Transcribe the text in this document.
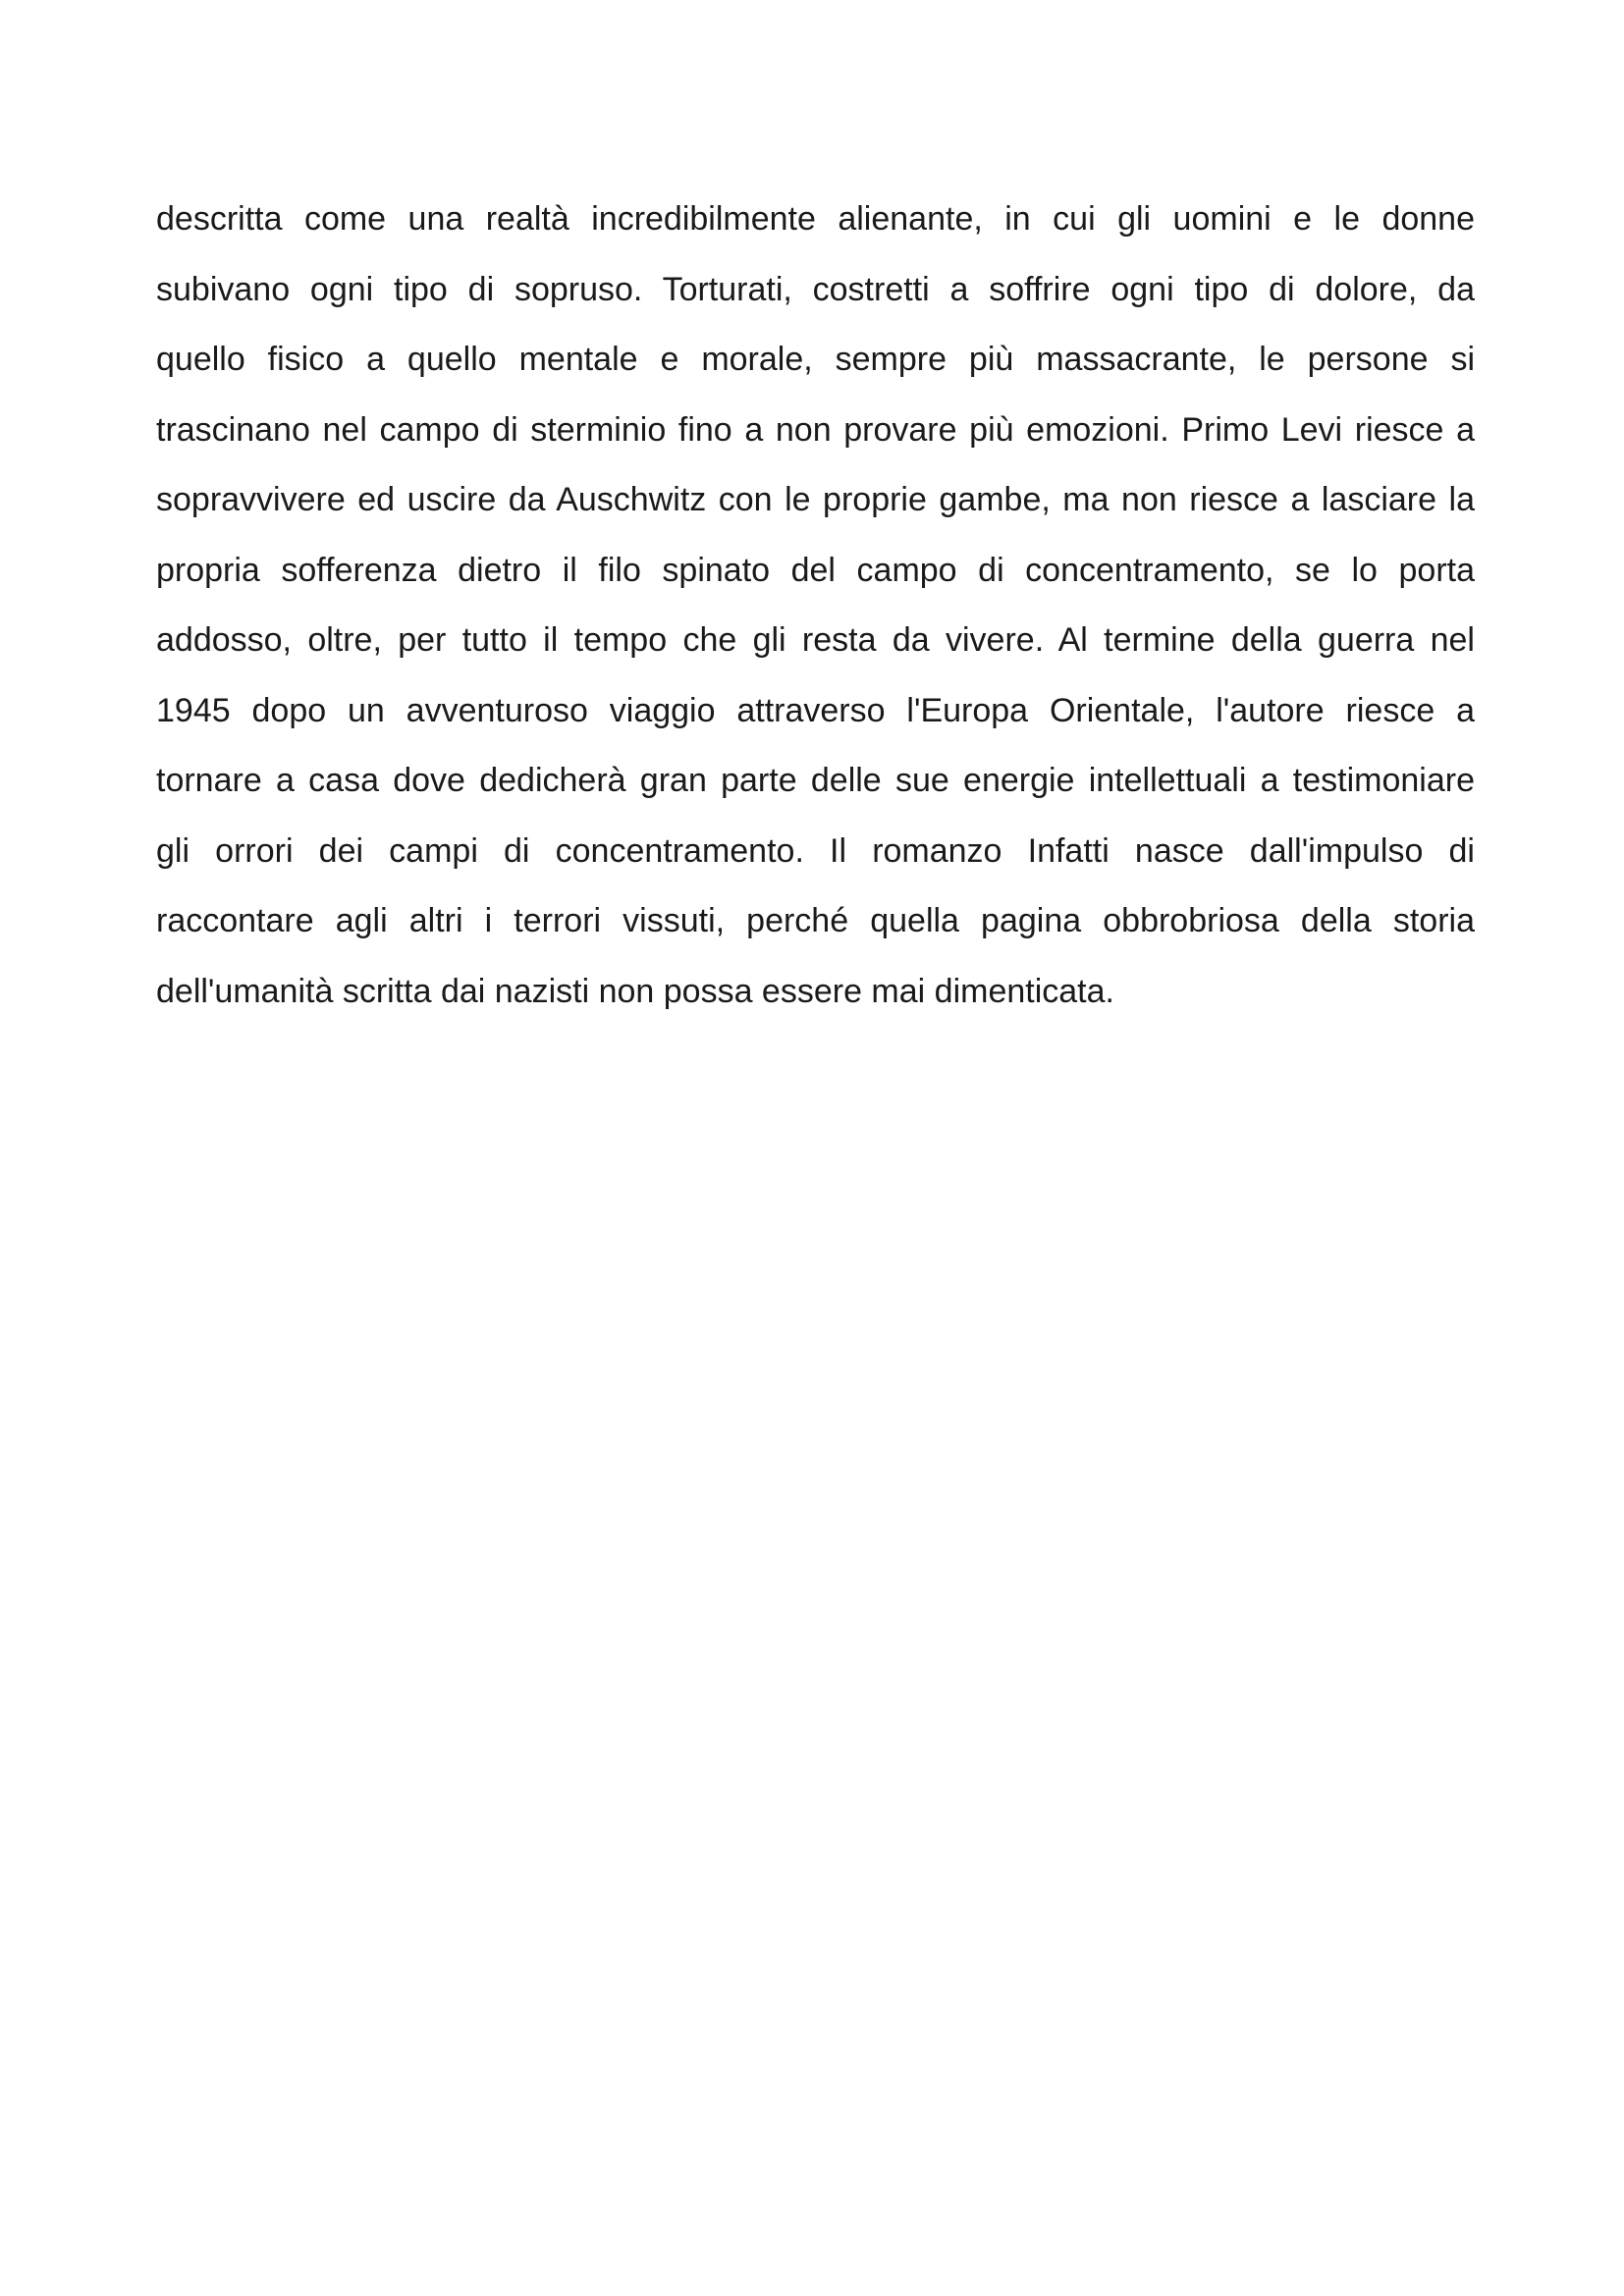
descritta come una realtà incredibilmente alienante, in cui gli uomini e le donne
subivano ogni tipo di sopruso. Torturati, costretti a soffrire ogni tipo di dolore, da
quello fisico a quello mentale e morale, sempre più massacrante, le persone si
trascinano nel campo di sterminio fino a non provare più emozioni. Primo Levi riesce a
sopravvivere ed uscire da Auschwitz con le proprie gambe, ma non riesce a lasciare la
propria sofferenza dietro il filo spinato del campo di concentramento, se lo porta
addosso, oltre, per tutto il tempo che gli resta da vivere. Al termine della guerra nel
1945 dopo un avventuroso viaggio attraverso l'Europa Orientale, l'autore riesce a
tornare a casa dove dedicherà gran parte delle sue energie intellettuali a testimoniare
gli orrori dei campi di concentramento. Il romanzo Infatti nasce dall'impulso di
raccontare agli altri i terrori vissuti, perché quella pagina obbrobriosa della storia
dell'umanità scritta dai nazisti non possa essere mai dimenticata.
